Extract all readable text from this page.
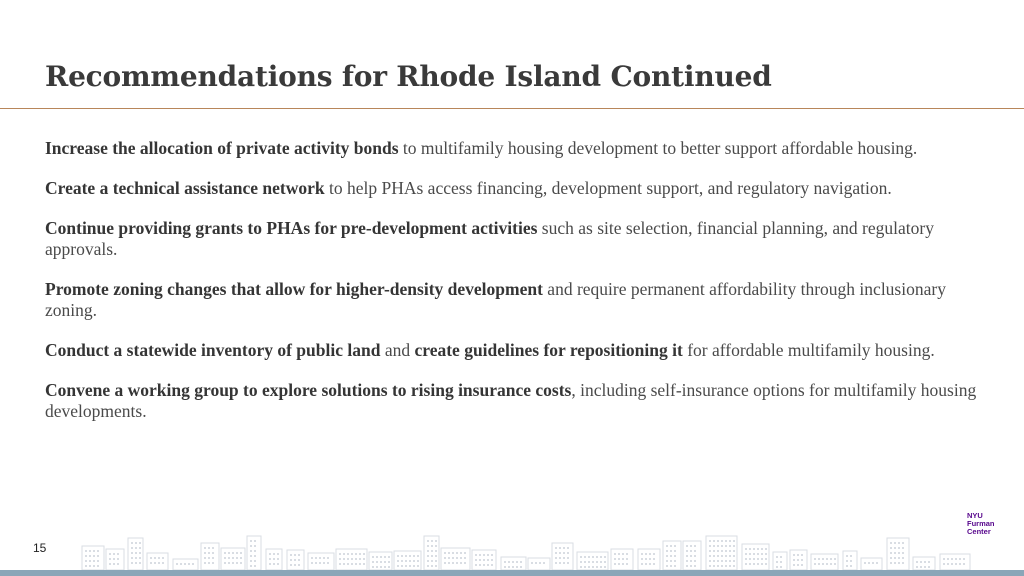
Recommendations for Rhode Island Continued

Increase the allocation of private activity bonds to multifamily housing development to better support affordable housing.

Create a technical assistance network to help PHAs access financing, development support, and regulatory navigation.

Continue providing grants to PHAs for pre-development activities such as site selection, financial planning, and regulatory approvals.

Promote zoning changes that allow for higher-density development and require permanent affordability through inclusionary zoning.

Conduct a statewide inventory of public land and create guidelines for repositioning it for affordable multifamily housing.

Convene a working group to explore solutions to rising insurance costs, including self-insurance options for multifamily housing developments.

15
NYU
Furman
Center
